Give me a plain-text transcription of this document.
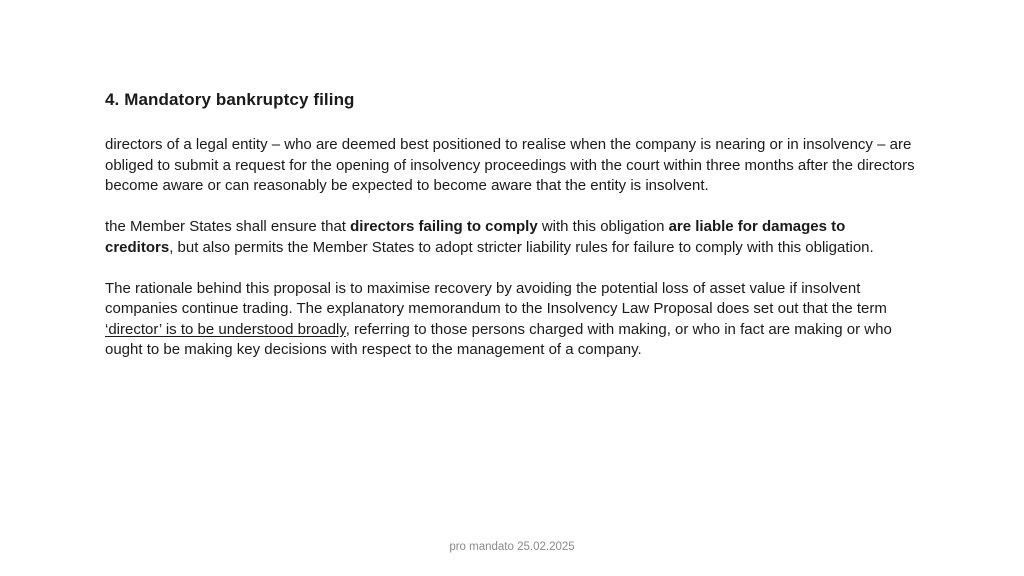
4. Mandatory bankruptcy filing

directors of a legal entity – who are deemed best positioned to realise when the company is nearing or in insolvency – are obliged to submit a request for the opening of insolvency proceedings with the court within three months after the directors become aware or can reasonably be expected to become aware that the entity is insolvent.

the Member States shall ensure that directors failing to comply with this obligation are liable for damages to creditors, but also permits the Member States to adopt stricter liability rules for failure to comply with this obligation.

The rationale behind this proposal is to maximise recovery by avoiding the potential loss of asset value if insolvent companies continue trading. The explanatory memorandum to the Insolvency Law Proposal does set out that the term ‘director’ is to be understood broadly, referring to those persons charged with making, or who in fact are making or who ought to be making key decisions with respect to the management of a company.

pro mandato 25.02.2025
